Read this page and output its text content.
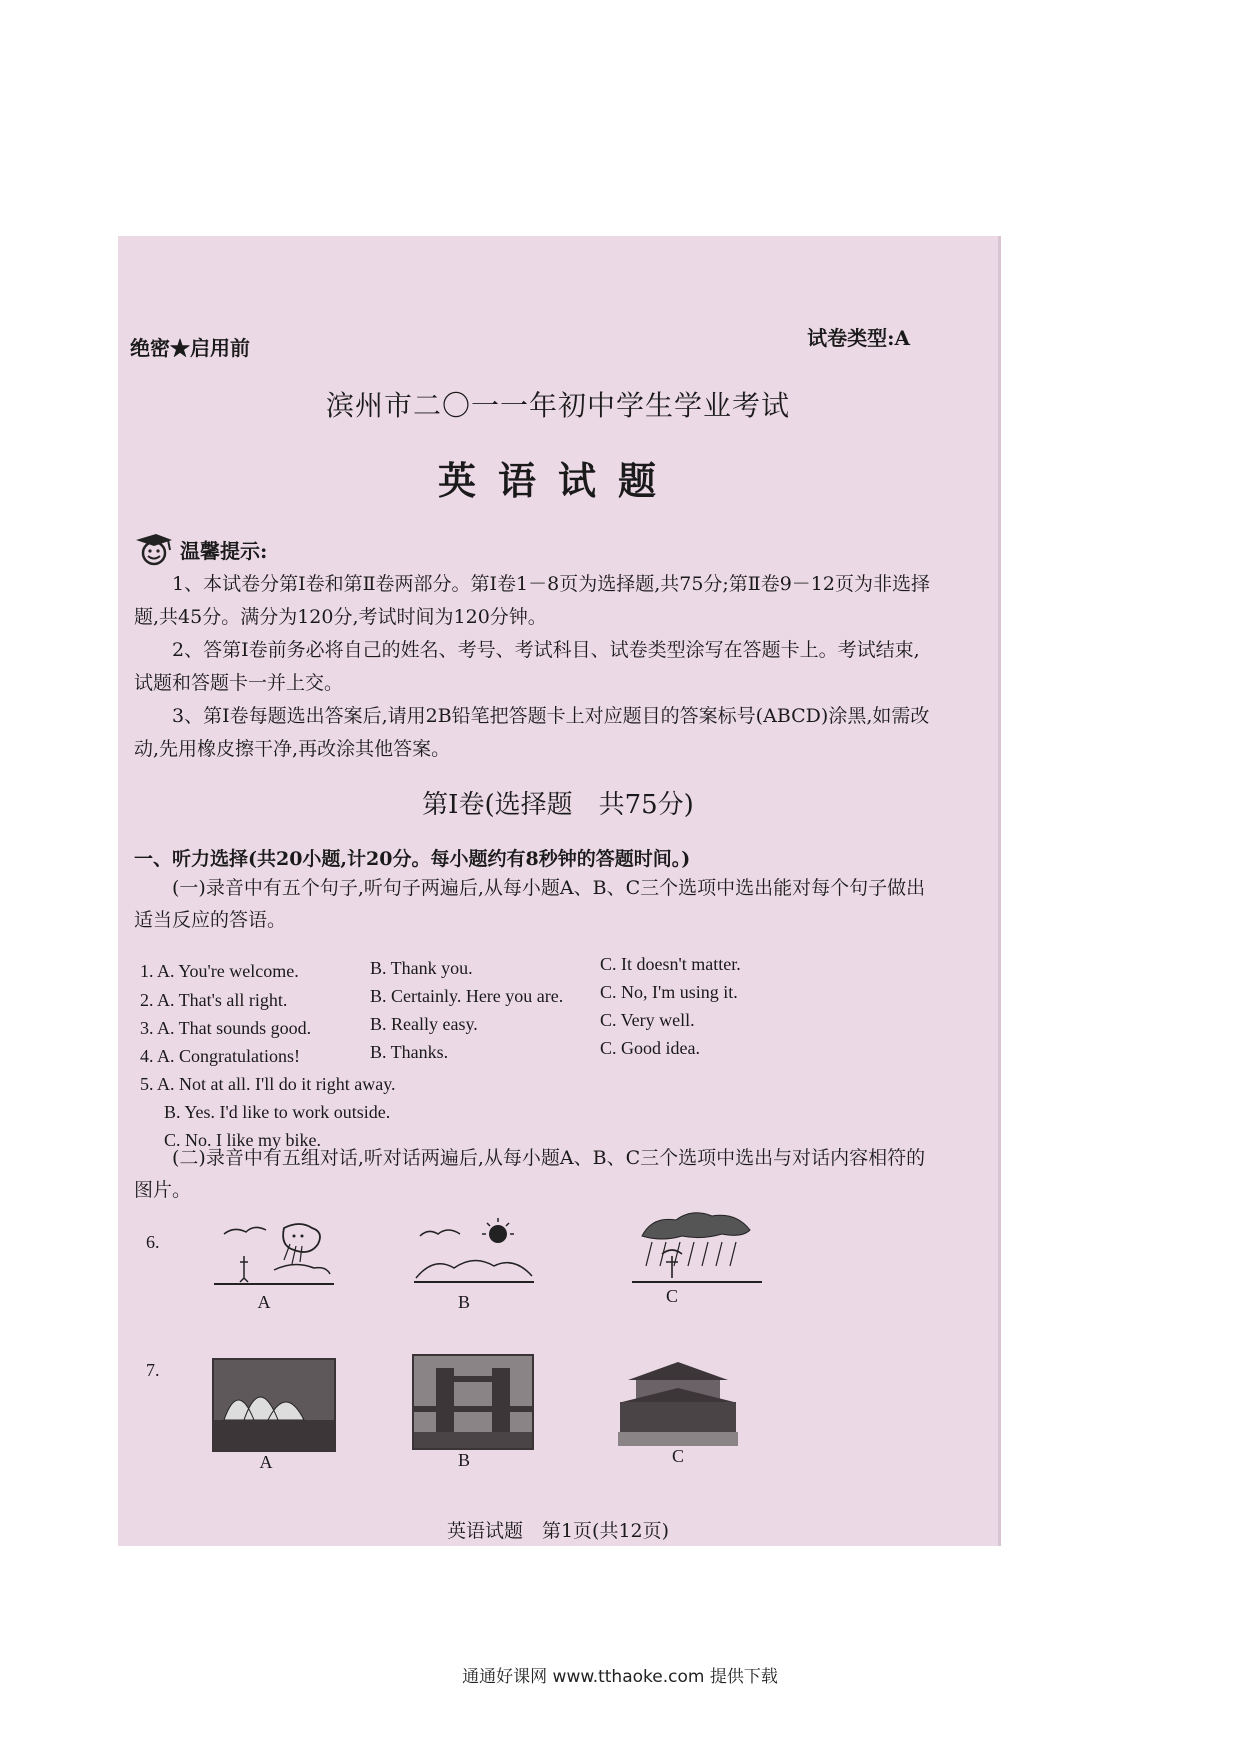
绝密★启用前	试卷类型:A
滨州市二〇一一年初中学生学业考试
英语试题
温馨提示:

1、本试卷分第Ⅰ卷和第Ⅱ卷两部分。第Ⅰ卷1－8页为选择题,共75分;第Ⅱ卷9－12页为非选择题,共45分。满分为120分,考试时间为120分钟。

2、答第Ⅰ卷前务必将自己的姓名、考号、考试科目、试卷类型涂写在答题卡上。考试结束,试题和答题卡一并上交。

3、第Ⅰ卷每题选出答案后,请用2B铅笔把答题卡上对应题目的答案标号(ABCD)涂黑,如需改动,先用橡皮擦干净,再改涂其他答案。

第Ⅰ卷(选择题　共75分)
一、听力选择(共20小题,计20分。每小题约有8秒钟的答题时间。)
(一)录音中有五个句子,听句子两遍后,从每小题A、B、C三个选项中选出能对每个句子做出适当反应的答语。
1. A. You're welcome.	B. Thank you.	C. It doesn't matter.
2. A. That's all right.	B. Certainly. Here you are. C. No, I'm using it.
3. A. That sounds good.	B. Really easy.	C. Very well.
4. A. Congratulations!	B. Thanks.	C. Good idea.
5. A. Not at all. I'll do it right away.
B. Yes. I'd like to work outside.
C. No. I like my bike.
(二)录音中有五组对话,听对话两遍后,从每小题A、B、C三个选项中选出与对话内容相符的图片。
6.
A	B	C
7.
A	B	C
英语试题　第1页(共12页)
通通好课网 www.tthaoke.com 提供下载
